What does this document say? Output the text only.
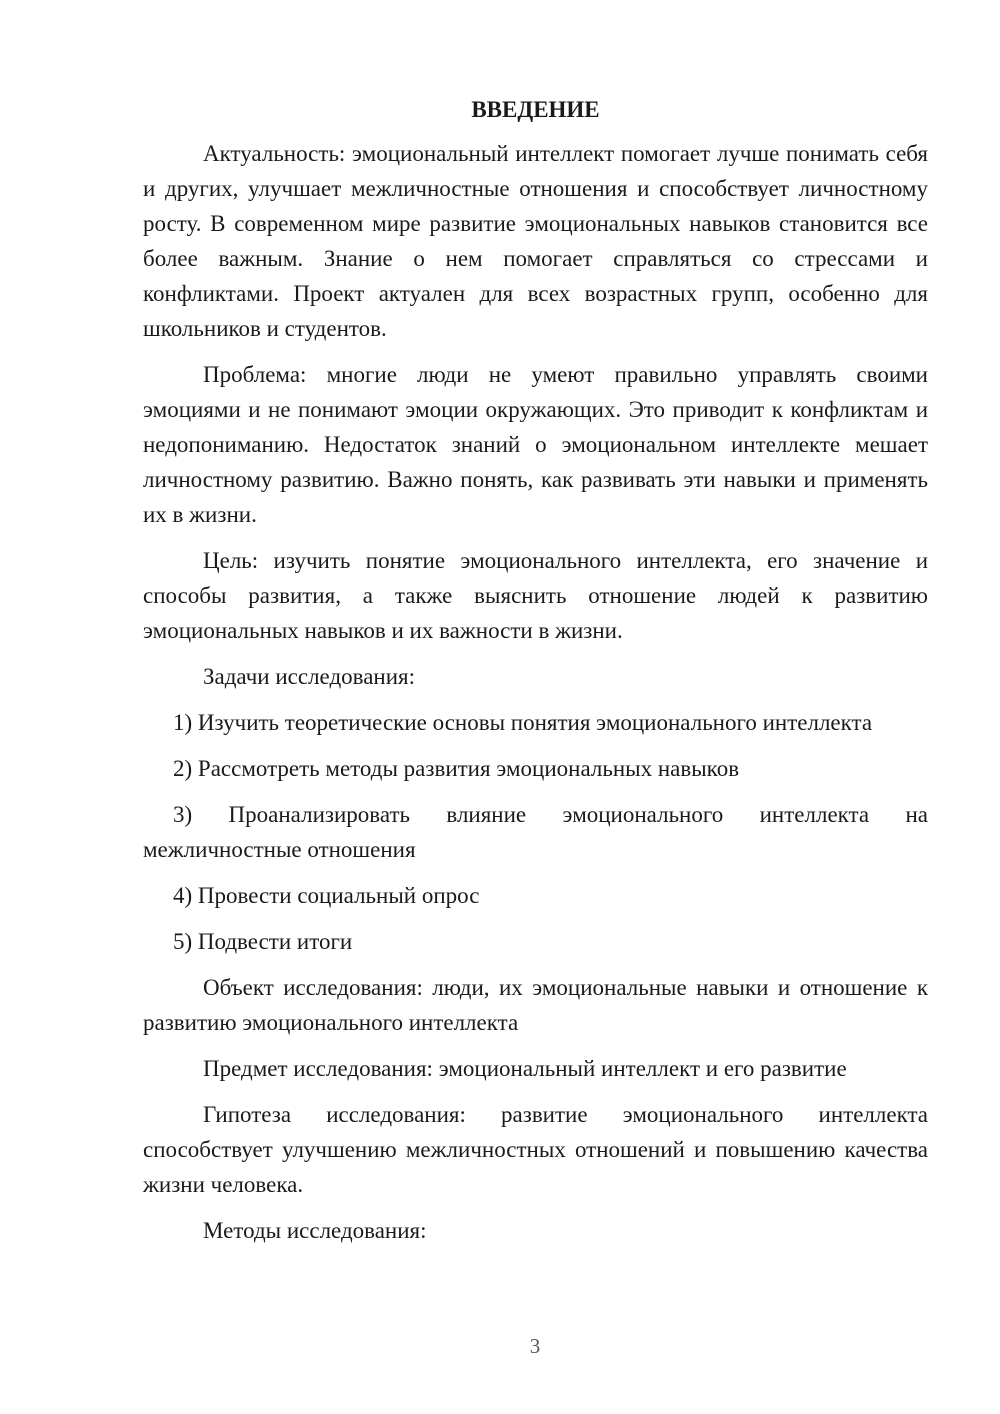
ВВЕДЕНИЕ
Актуальность: эмоциональный интеллект помогает лучше понимать себя и других, улучшает межличностные отношения и способствует личностному росту. В современном мире развитие эмоциональных навыков становится все более важным. Знание о нем помогает справляться со стрессами и конфликтами. Проект актуален для всех возрастных групп, особенно для школьников и студентов.
Проблема: многие люди не умеют правильно управлять своими эмоциями и не понимают эмоции окружающих. Это приводит к конфликтам и недопониманию. Недостаток знаний о эмоциональном интеллекте мешает личностному развитию. Важно понять, как развивать эти навыки и применять их в жизни.
Цель: изучить понятие эмоционального интеллекта, его значение и способы развития, а также выяснить отношение людей к развитию эмоциональных навыков и их важности в жизни.
Задачи исследования:
1) Изучить теоретические основы понятия эмоционального интеллекта
2) Рассмотреть методы развития эмоциональных навыков
3) Проанализировать влияние эмоционального интеллекта на межличностные отношения
4) Провести социальный опрос
5) Подвести итоги
Объект исследования: люди, их эмоциональные навыки и отношение к развитию эмоционального интеллекта
Предмет исследования: эмоциональный интеллект и его развитие
Гипотеза исследования: развитие эмоционального интеллекта способствует улучшению межличностных отношений и повышению качества жизни человека.
Методы исследования:
3
